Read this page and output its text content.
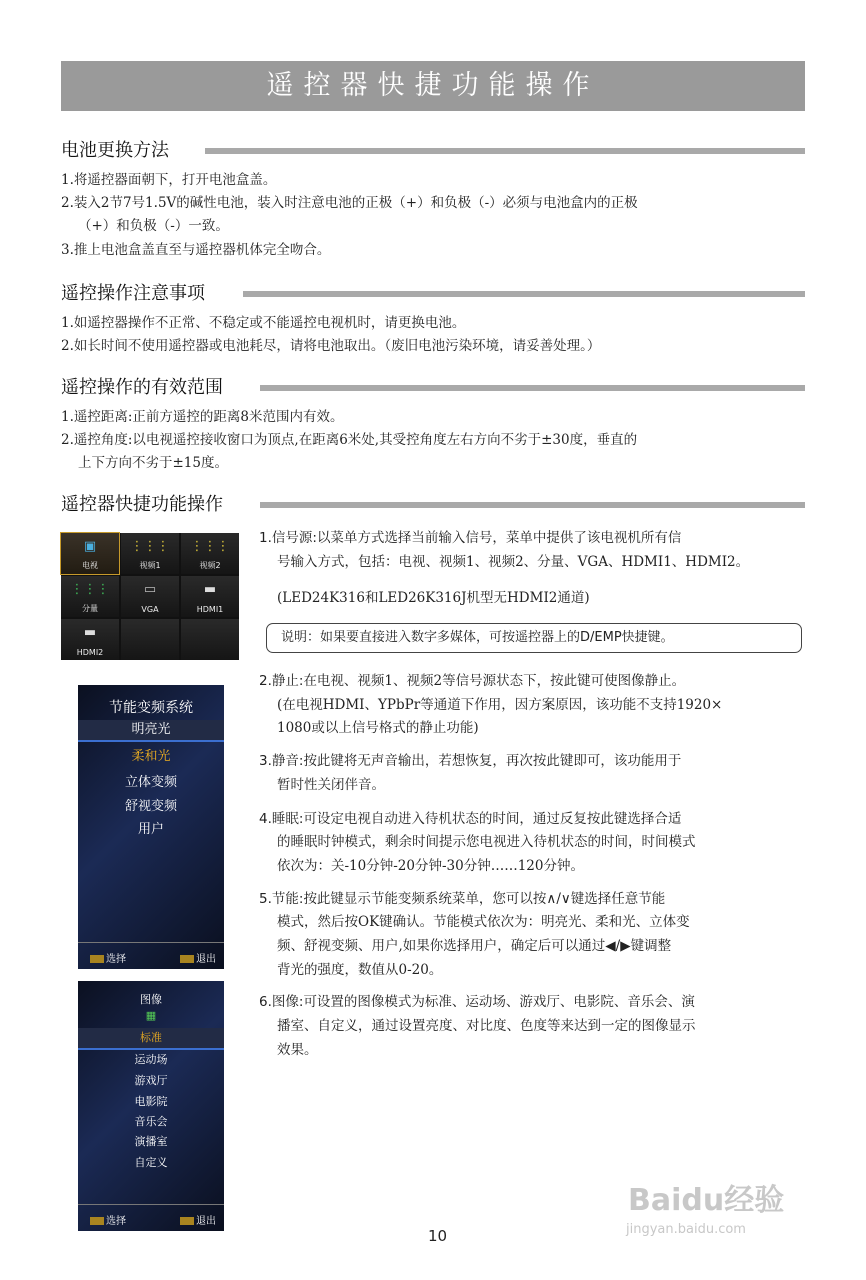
遥控器快捷功能操作
电池更换方法
1.将遥控器面朝下，打开电池盒盖。
2.装入2节7号1.5V的碱性电池，装入时注意电池的正极（+）和负极（-）必须与电池盒内的正极
（+）和负极（-）一致。
3.推上电池盒盖直至与遥控器机体完全吻合。
遥控操作注意事项
1.如遥控器操作不正常、不稳定或不能遥控电视机时，请更换电池。
2.如长时间不使用遥控器或电池耗尽，请将电池取出。（废旧电池污染环境，请妥善处理。）
遥控操作的有效范围
1.遥控距离:正前方遥控的距离8米范围内有效。
2.遥控角度:以电视遥控接收窗口为顶点,在距离6米处,其受控角度左右方向不劣于±30度，垂直的
上下方向不劣于±15度。
遥控器快捷功能操作
▣
电视
⋮⋮⋮
视频1
⋮⋮⋮
视频2
⋮⋮⋮
分量
▭
VGA
▬
HDMI1
▬
HDMI2
节能变频系统
明亮光
柔和光
立体变频
舒视变频
用户
选择	退出
图像
▦
标准
运动场
游戏厅
电影院
音乐会
演播室
自定义
选择	退出
1.信号源:以菜单方式选择当前输入信号，菜单中提供了该电视机所有信
号输入方式，包括：电视、视频1、视频2、分量、VGA、HDMI1、HDMI2。
(LED24K316和LED26K316J机型无HDMI2通道)
说明：如果要直接进入数字多媒体，可按遥控器上的D/EMP快捷键。
2.静止:在电视、视频1、视频2等信号源状态下，按此键可使图像静止。
(在电视HDMI、YPbPr等通道下作用，因方案原因，该功能不支持1920×
1080或以上信号格式的静止功能)
3.静音:按此键将无声音输出，若想恢复，再次按此键即可，该功能用于
暂时性关闭伴音。
4.睡眠:可设定电视自动进入待机状态的时间，通过反复按此键选择合适
的睡眠时钟模式，剩余时间提示您电视进入待机状态的时间，时间模式
依次为：关-10分钟-20分钟-30分钟……120分钟。
5.节能:按此键显示节能变频系统菜单，您可以按∧/∨键选择任意节能
模式，然后按OK键确认。节能模式依次为：明亮光、柔和光、立体变
频、舒视变频、用户,如果你选择用户，确定后可以通过◀/▶键调整
背光的强度，数值从0-20。
6.图像:可设置的图像模式为标准、运动场、游戏厅、电影院、音乐会、演
播室、自定义，通过设置亮度、对比度、色度等来达到一定的图像显示
效果。
10
Baidu经验
jingyan.baidu.com
